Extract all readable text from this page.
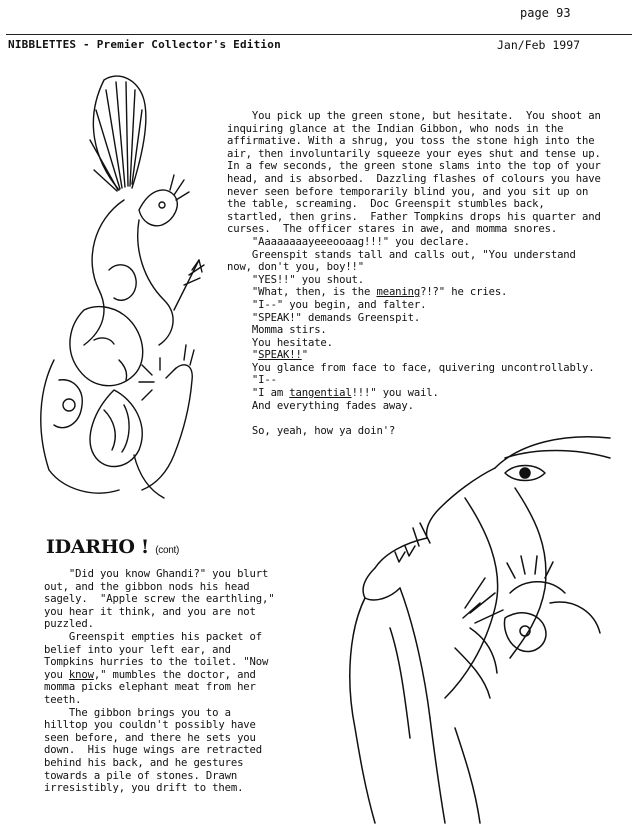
page 93
NIBBLETTES - Premier Collector's Edition	Jan/Feb 1997
You pick up the green stone, but hesitate.  You shoot an
inquiring glance at the Indian Gibbon, who nods in the
affirmative. With a shrug, you toss the stone high into the
air, then involuntarily squeeze your eyes shut and tense up.
In a few seconds, the green stone slams into the top of your
head, and is absorbed.  Dazzling flashes of colours you have
never seen before temporarily blind you, and you sit up on
the table, screaming.  Doc Greenspit stumbles back,
startled, then grins.  Father Tompkins drops his quarter and
curses.  The officer stares in awe, and momma snores.
"Aaaaaaaayeeeooaag!!!" you declare.
Greenspit stands tall and calls out, "You understand
now, don't you, boy!!"
"YES!!" you shout.
"What, then, is the meaning?!?" he cries.
"I--" you begin, and falter.
"SPEAK!" demands Greenspit.
Momma stirs.
You hesitate.
"SPEAK!!"
You glance from face to face, quivering uncontrollably.
"I--
"I am tangential!!!" you wail.
And everything fades away.

So, yeah, how ya doin'?
IDARHO ! (cont)
"Did you know Ghandi?" you blurt
out, and the gibbon nods his head
sagely.  "Apple screw the earthling,"
you hear it think, and you are not
puzzled.
Greenspit empties his packet of
belief into your left ear, and
Tompkins hurries to the toilet. "Now
you know," mumbles the doctor, and
momma picks elephant meat from her
teeth.
The gibbon brings you to a
hilltop you couldn't possibly have
seen before, and there he sets you
down.  His huge wings are retracted
behind his back, and he gestures
towards a pile of stones. Drawn
irresistibly, you drift to them.
